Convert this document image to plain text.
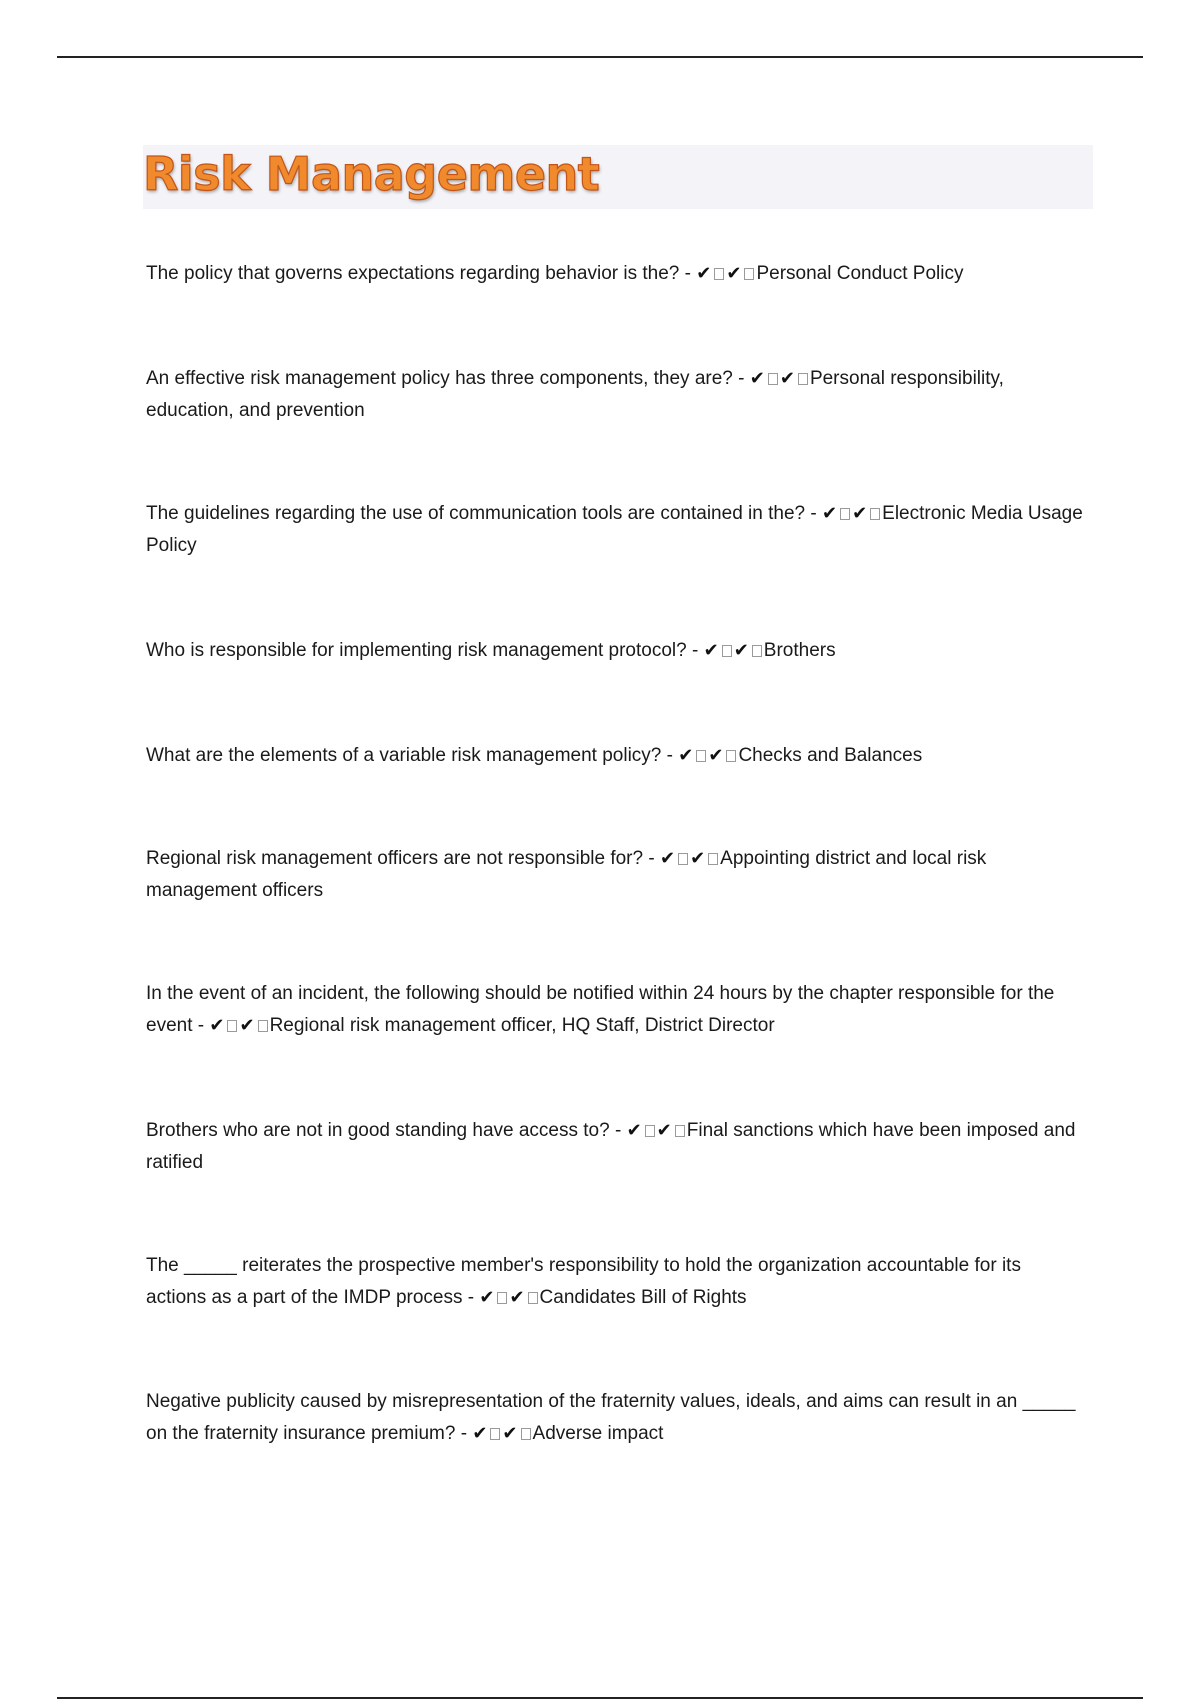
Risk Management
The policy that governs expectations regarding behavior is the? - ✔ ✔ Personal Conduct Policy
An effective risk management policy has three components, they are? - ✔ ✔ Personal responsibility, education, and prevention
The guidelines regarding the use of communication tools are contained in the? - ✔ ✔ Electronic Media Usage Policy
Who is responsible for implementing risk management protocol? - ✔ ✔ Brothers
What are the elements of a variable risk management policy? - ✔ ✔ Checks and Balances
Regional risk management officers are not responsible for? - ✔ ✔ Appointing district and local risk management officers
In the event of an incident, the following should be notified within 24 hours by the chapter responsible for the event - ✔ ✔ Regional risk management officer, HQ Staff, District Director
Brothers who are not in good standing have access to? - ✔ ✔ Final sanctions which have been imposed and ratified
The _____ reiterates the prospective member's responsibility to hold the organization accountable for its actions as a part of the IMDP process - ✔ ✔ Candidates Bill of Rights
Negative publicity caused by misrepresentation of the fraternity values, ideals, and aims can result in an _____ on the fraternity insurance premium? - ✔ ✔ Adverse impact
